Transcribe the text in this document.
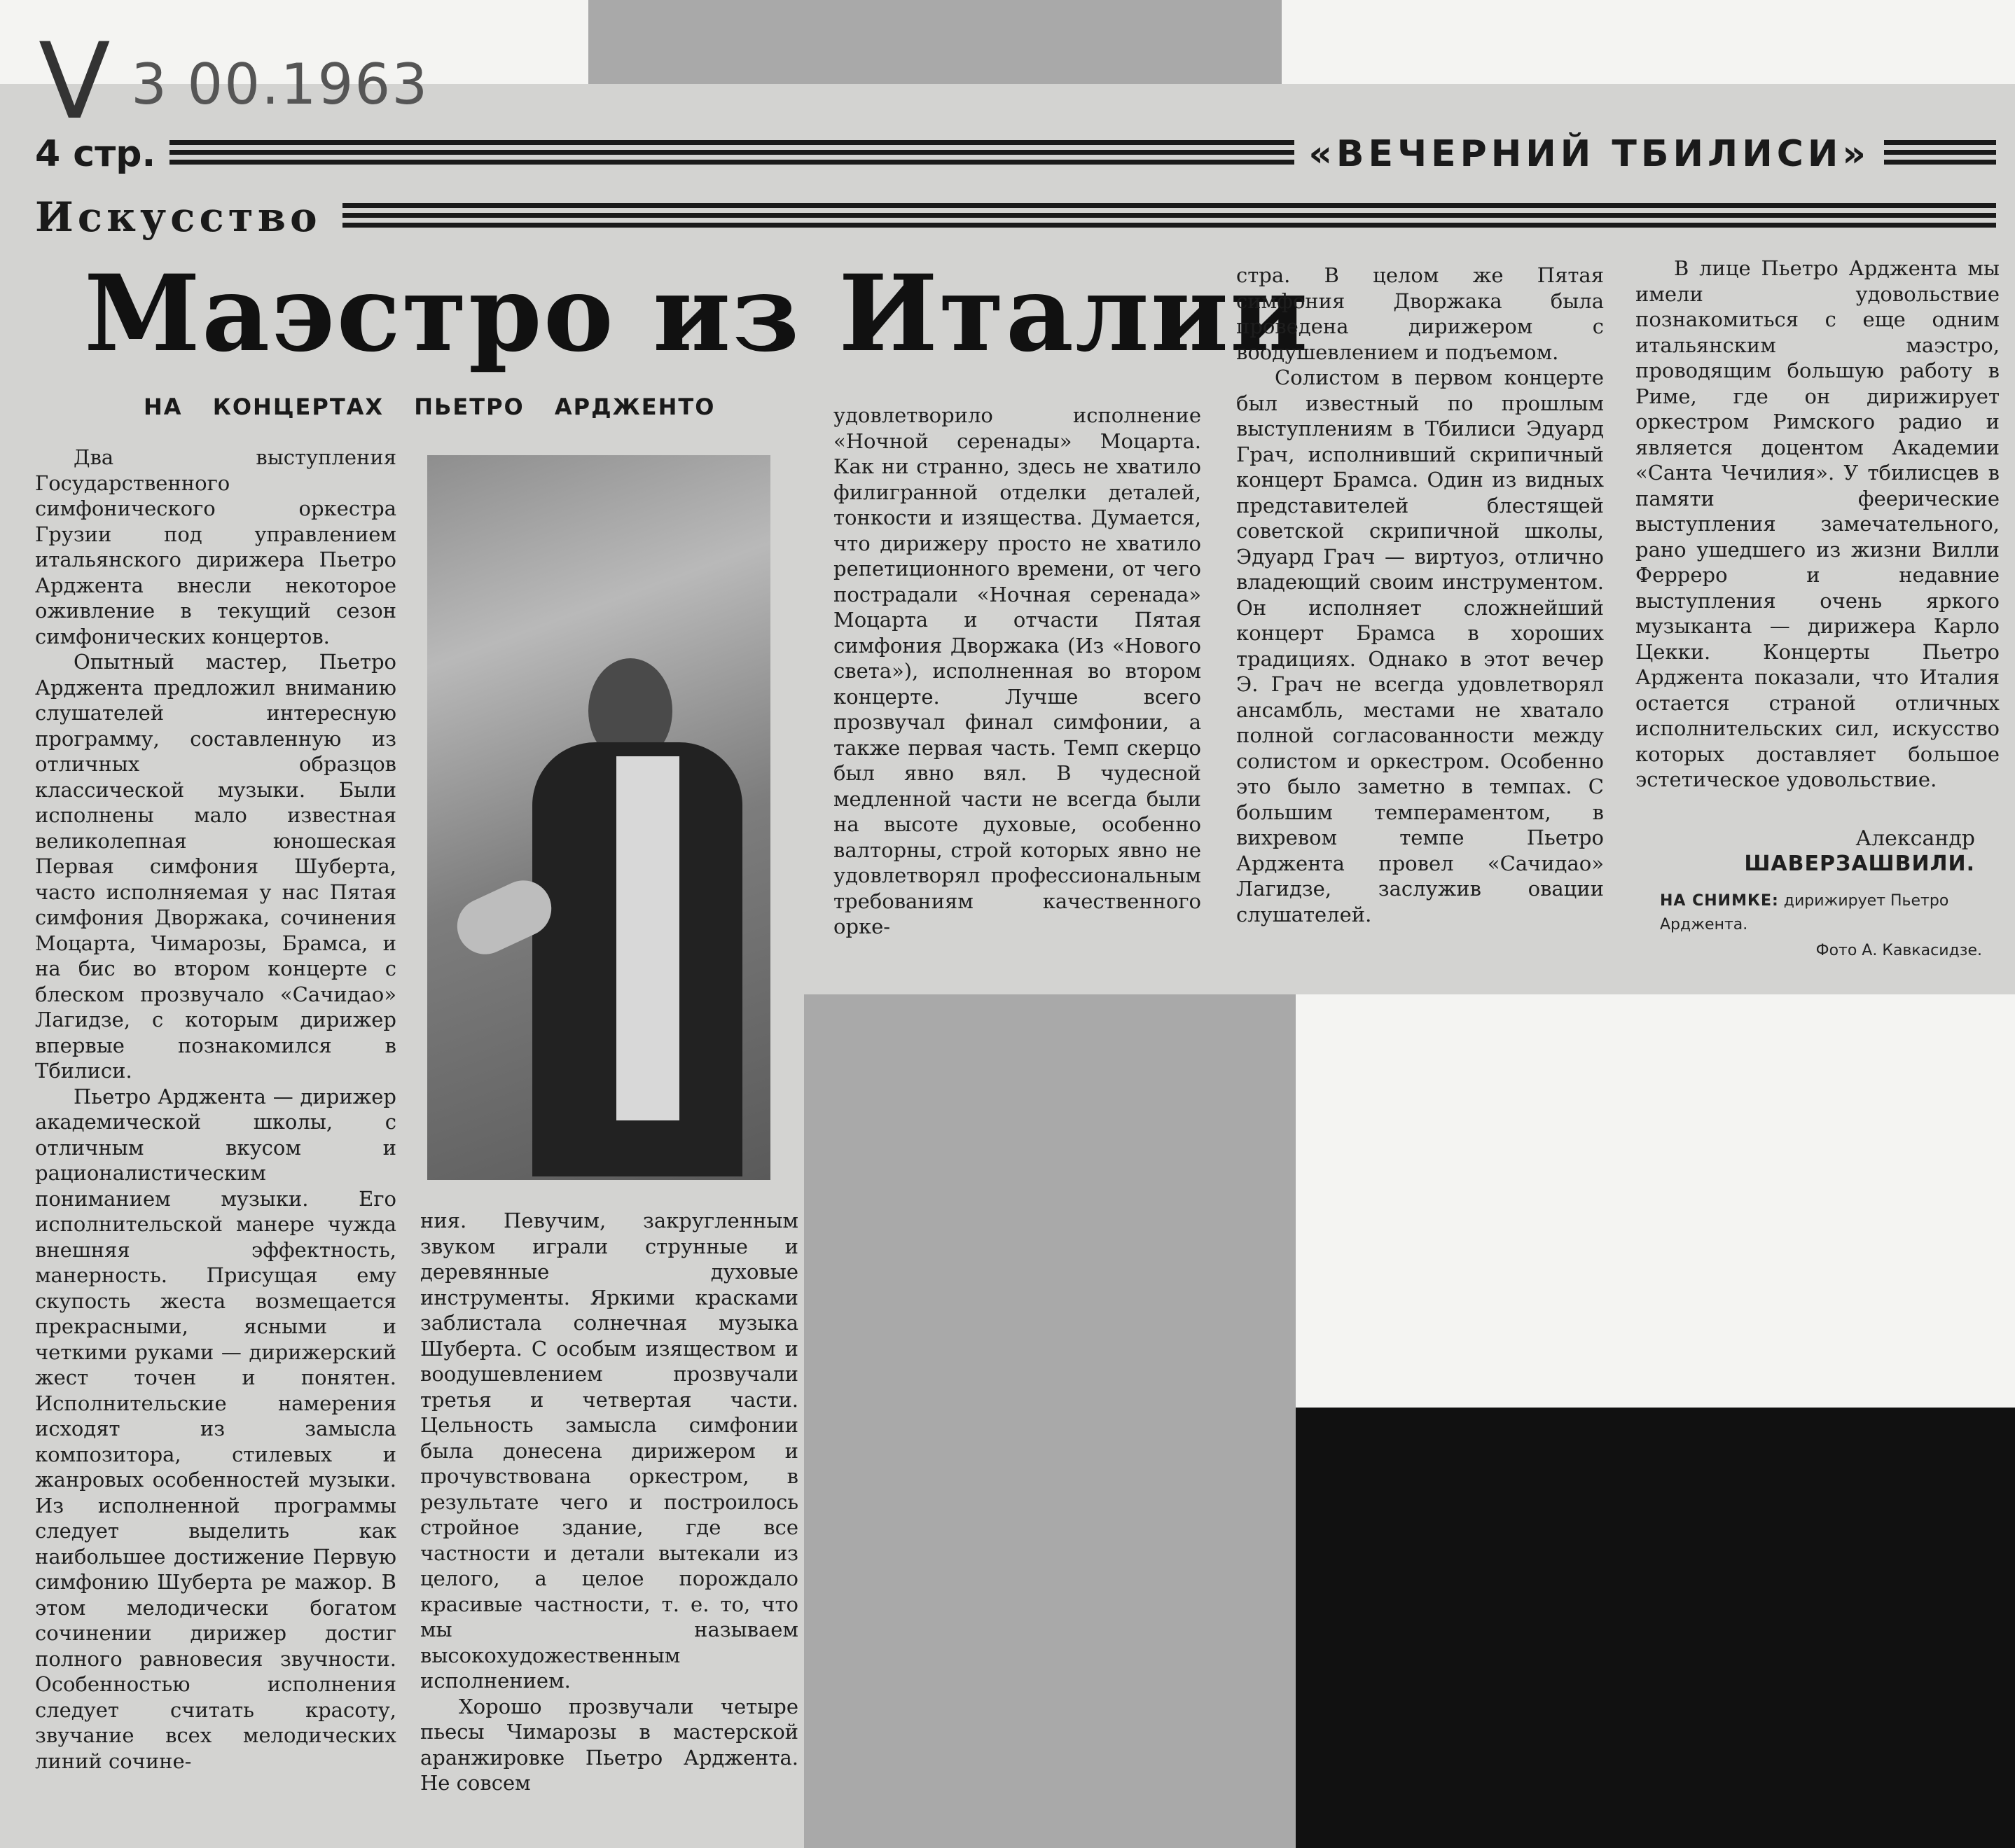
V 3 00.1963
4 стр.	«ВЕЧЕРНИЙ ТБИЛИСИ»
Искусство
Маэстро из Италии
НА КОНЦЕРТАХ ПЬЕТРО АРДЖЕНТО

Два выступления Государственного симфонического оркестра Грузии под управлением итальянского дирижера Пьетро Арджента внесли некоторое оживление в текущий сезон симфонических концертов.

Опытный мастер, Пьетро Арджента предложил вниманию слушателей интересную программу, составленную из отличных образцов классической музыки. Были исполнены мало известная великолепная юношеская Первая симфония Шуберта, часто исполняемая у нас Пятая симфония Дворжака, сочинения Моцарта, Чимарозы, Брамса, и на бис во втором концерте с блеском прозвучало «Сачидао» Лагидзе, с которым дирижер впервые познакомился в Тбилиси.

Пьетро Арджента — дирижер академической школы, с отличным вкусом и рационалистическим пониманием музыки. Его исполнительской манере чужда внешняя эффектность, манерность. Присущая ему скупость жеста возмещается прекрасными, ясными и четкими руками — дирижерский жест точен и понятен. Исполнительские намерения исходят из замысла композитора, стилевых и жанровых особенностей музыки. Из исполненной программы следует выделить как наибольшее достижение Первую симфонию Шуберта ре мажор. В этом мелодически богатом сочинении дирижер достиг полного равновесия звучности. Особенностью исполнения следует считать красоту, звучание всех мелодических линий сочине-

ния. Певучим, закругленным звуком играли струнные и деревянные духовые инструменты. Яркими красками заблистала солнечная музыка Шуберта. С особым изяществом и воодушевлением прозвучали третья и четвертая части. Цельность замысла симфонии была донесена дирижером и прочувствована оркестром, в результате чего и построилось стройное здание, где все частности и детали вытекали из целого, а целое порождало красивые частности, т. е. то, что мы называем высокохудожественным исполнением.

Хорошо прозвучали четыре пьесы Чимарозы в мастерской аранжировке Пьетро Арджента. Не совсем

удовлетворило исполнение «Ночной серенады» Моцарта. Как ни странно, здесь не хватило филигранной отделки деталей, тонкости и изящества. Думается, что дирижеру просто не хватило репетиционного времени, от чего пострадали «Ночная серенада» Моцарта и отчасти Пятая симфония Дворжака (Из «Нового света»), исполненная во втором концерте. Лучше всего прозвучал финал симфонии, а также первая часть. Темп скерцо был явно вял. В чудесной медленной части не всегда были на высоте духовые, особенно валторны, строй которых явно не удовлетворял профессиональным требованиям качественного орке-

стра. В целом же Пятая симфония Дворжака была проведена дирижером с воодушевлением и подъемом.

Солистом в первом концерте был известный по прошлым выступлениям в Тбилиси Эдуард Грач, исполнивший скрипичный концерт Брамса. Один из видных представителей блестящей советской скрипичной школы, Эдуард Грач — виртуоз, отлично владеющий своим инструментом. Он исполняет сложнейший концерт Брамса в хороших традициях. Однако в этот вечер Э. Грач не всегда удовлетворял ансамбль, местами не хватало полной согласованности между солистом и оркестром. Особенно это было заметно в темпах. С большим темпераментом, в вихревом темпе Пьетро Арджента провел «Сачидао» Лагидзе, заслужив овации слушателей.

В лице Пьетро Арджента мы имели удовольствие познакомиться с еще одним итальянским маэстро, проводящим большую работу в Риме, где он дирижирует оркестром Римского радио и является доцентом Академии «Санта Чечилия». У тбилисцев в памяти феерические выступления замечательного, рано ушедшего из жизни Вилли Ферреро и недавние выступления очень яркого музыканта — дирижера Карло Цекки. Концерты Пьетро Арджента показали, что Италия остается страной отличных исполнительских сил, искусство которых доставляет большое эстетическое удовольствие.

Александр
ШАВЕРЗАШВИЛИ.
НА СНИМКЕ: дирижирует Пьетро Арджента.
Фото А. Кавкасидзе.
